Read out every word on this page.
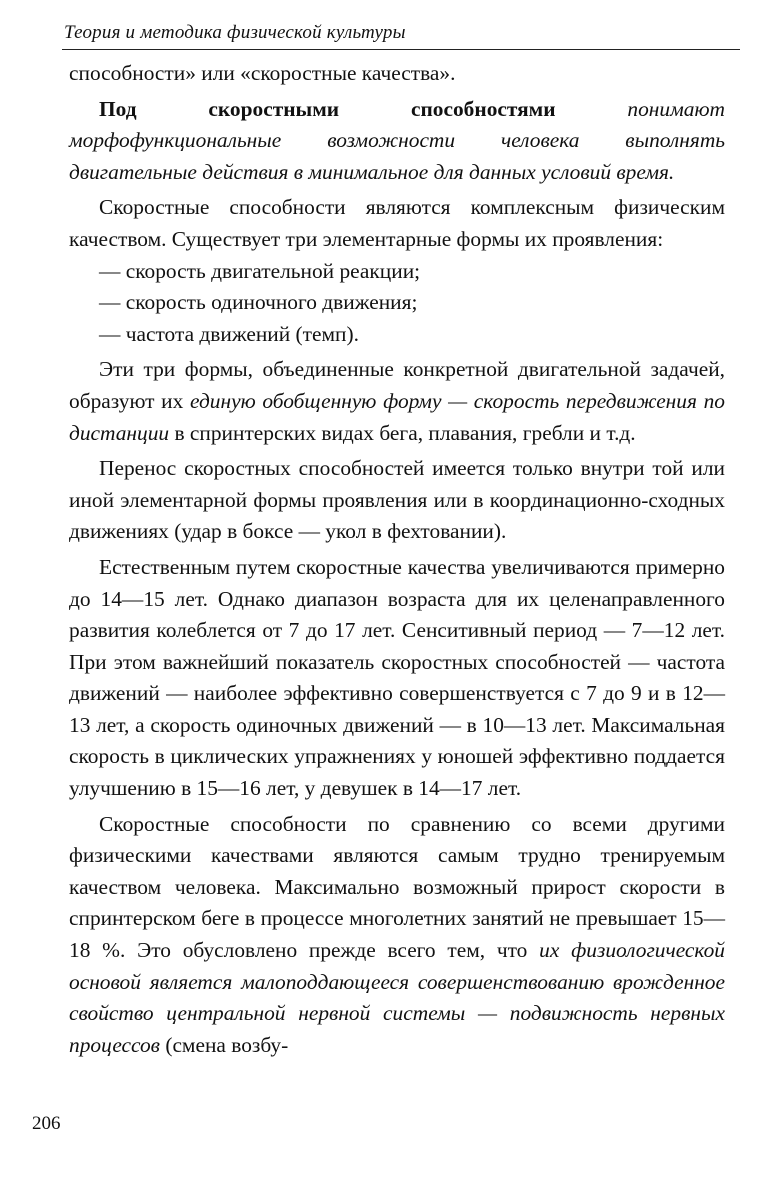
Теория и методика физической культуры

способности» или «скоростные качества».

Под скоростными способностями понимают морфофункциональные возможности человека выполнять двигательные действия в минимальное для данных условий время.

Скоростные способности являются комплексным физическим качеством. Существует три элементарные формы их проявления:

— скорость двигательной реакции;

— скорость одиночного движения;

— частота движений (темп).

Эти три формы, объединенные конкретной двигательной задачей, образуют их единую обобщенную форму — скорость передвижения по дистанции в спринтерских видах бега, плавания, гребли и т.д.

Перенос скоростных способностей имеется только внутри той или иной элементарной формы проявления или в координационно-сходных движениях (удар в боксе — укол в фехтовании).

Естественным путем скоростные качества увеличиваются примерно до 14—15 лет. Однако диапазон возраста для их целенаправленного развития колеблется от 7 до 17 лет. Сенситивный период — 7—12 лет. При этом важнейший показатель скоростных способностей — частота движений — наиболее эффективно совершенствуется с 7 до 9 и в 12—13 лет, а скорость одиночных движений — в 10—13 лет. Максимальная скорость в циклических упражнениях у юношей эффективно поддается улучшению в 15—16 лет, у девушек в 14—17 лет.

Скоростные способности по сравнению со всеми другими физическими качествами являются самым трудно тренируемым качеством человека. Максимально возможный прирост скорости в спринтерском беге в процессе многолетних занятий не превышает 15—18 %. Это обусловлено прежде всего тем, что их физиологической основой является малоподдающееся совершенствованию врожденное свойство центральной нервной системы — подвижность нервных процессов (смена возбу-

206
